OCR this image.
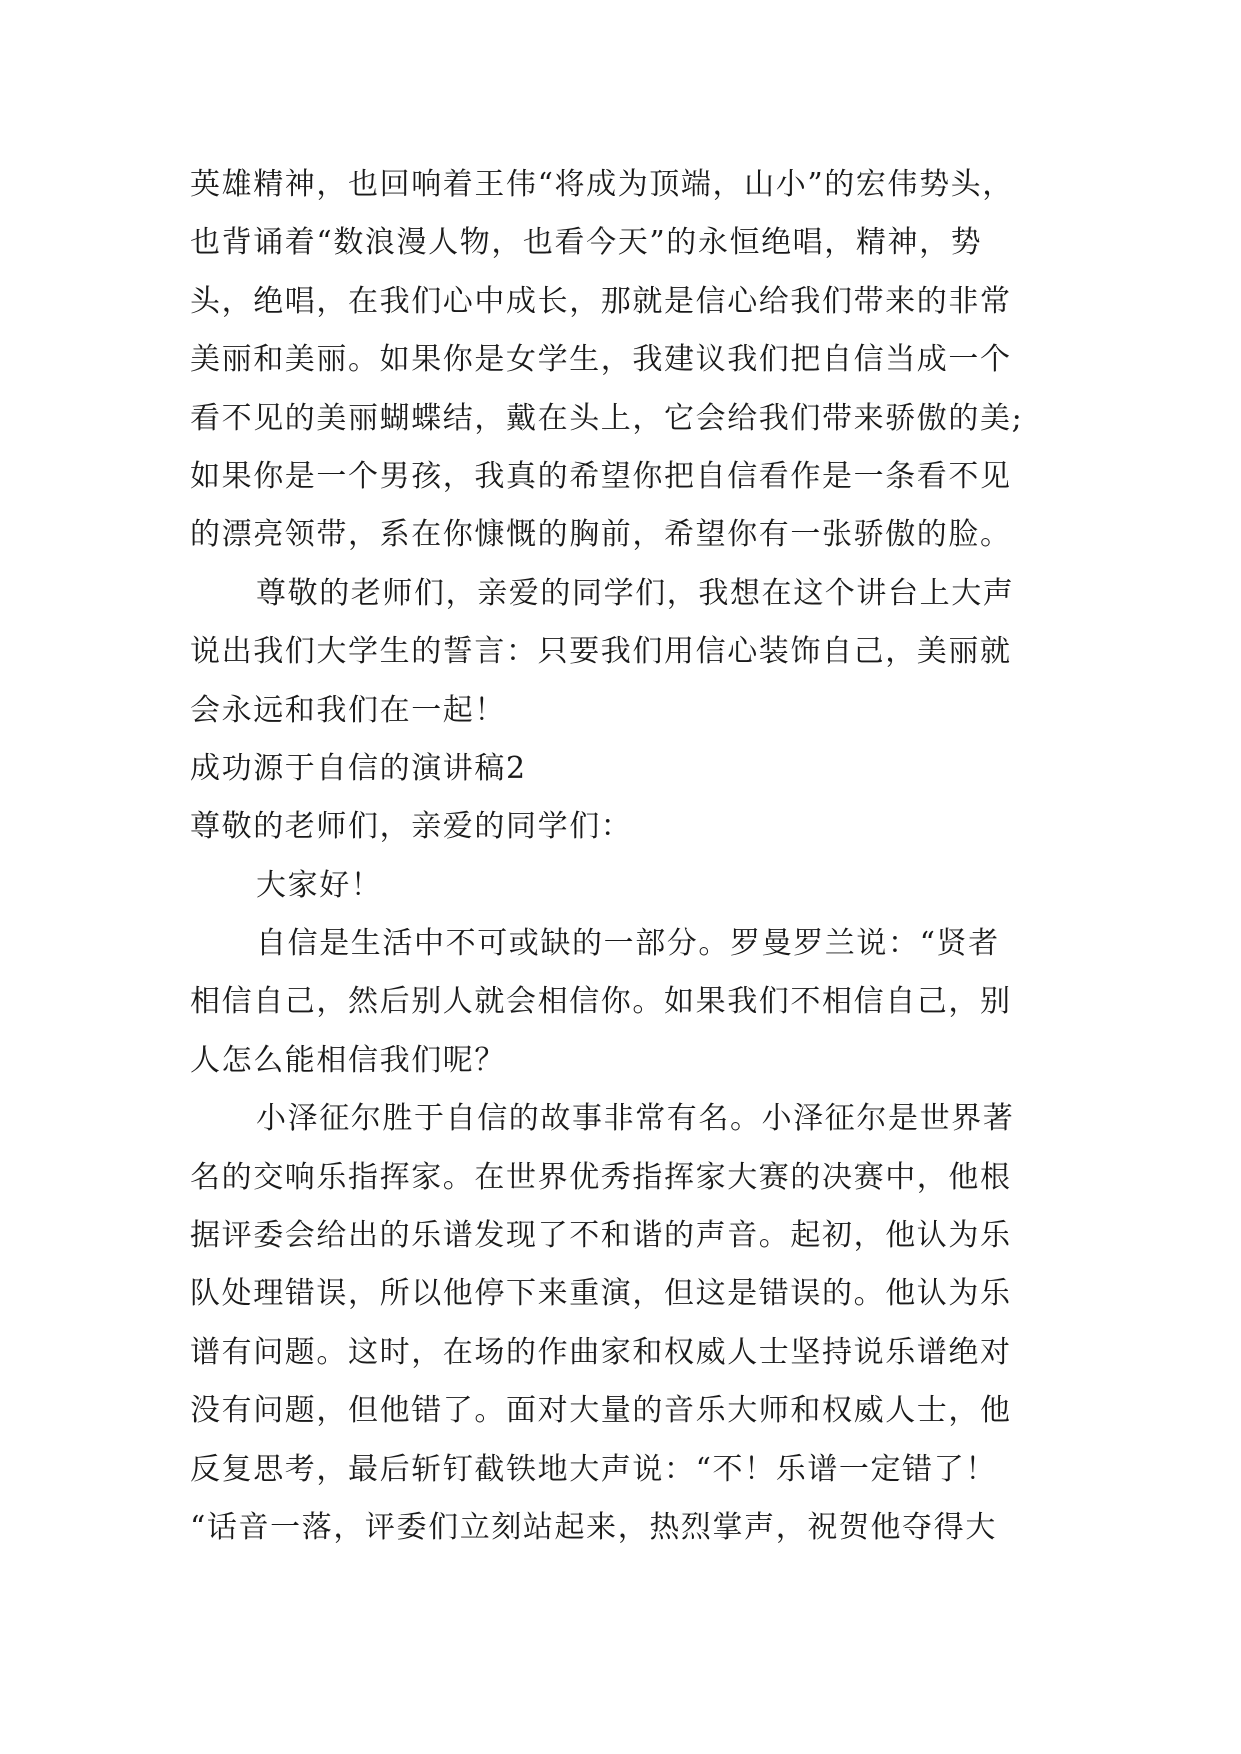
英雄精神，也回响着王伟“将成为顶端，山小”的宏伟势头，
也背诵着“数浪漫人物，也看今天”的永恒绝唱，精神，势
头，绝唱，在我们心中成长，那就是信心给我们带来的非常
美丽和美丽。如果你是女学生，我建议我们把自信当成一个
看不见的美丽蝴蝶结，戴在头上，它会给我们带来骄傲的美;
如果你是一个男孩，我真的希望你把自信看作是一条看不见
的漂亮领带，系在你慷慨的胸前，希望你有一张骄傲的脸。
尊敬的老师们，亲爱的同学们，我想在这个讲台上大声
说出我们大学生的誓言：只要我们用信心装饰自己，美丽就
会永远和我们在一起！
成功源于自信的演讲稿2
尊敬的老师们，亲爱的同学们：
大家好！
自信是生活中不可或缺的一部分。罗曼罗兰说：“贤者
相信自己，然后别人就会相信你。如果我们不相信自己，别
人怎么能相信我们呢？
小泽征尔胜于自信的故事非常有名。小泽征尔是世界著
名的交响乐指挥家。在世界优秀指挥家大赛的决赛中，他根
据评委会给出的乐谱发现了不和谐的声音。起初，他认为乐
队处理错误，所以他停下来重演，但这是错误的。他认为乐
谱有问题。这时，在场的作曲家和权威人士坚持说乐谱绝对
没有问题，但他错了。面对大量的音乐大师和权威人士，他
反复思考，最后斩钉截铁地大声说：“不！乐谱一定错了！
“话音一落，评委们立刻站起来，热烈掌声，祝贺他夺得大
